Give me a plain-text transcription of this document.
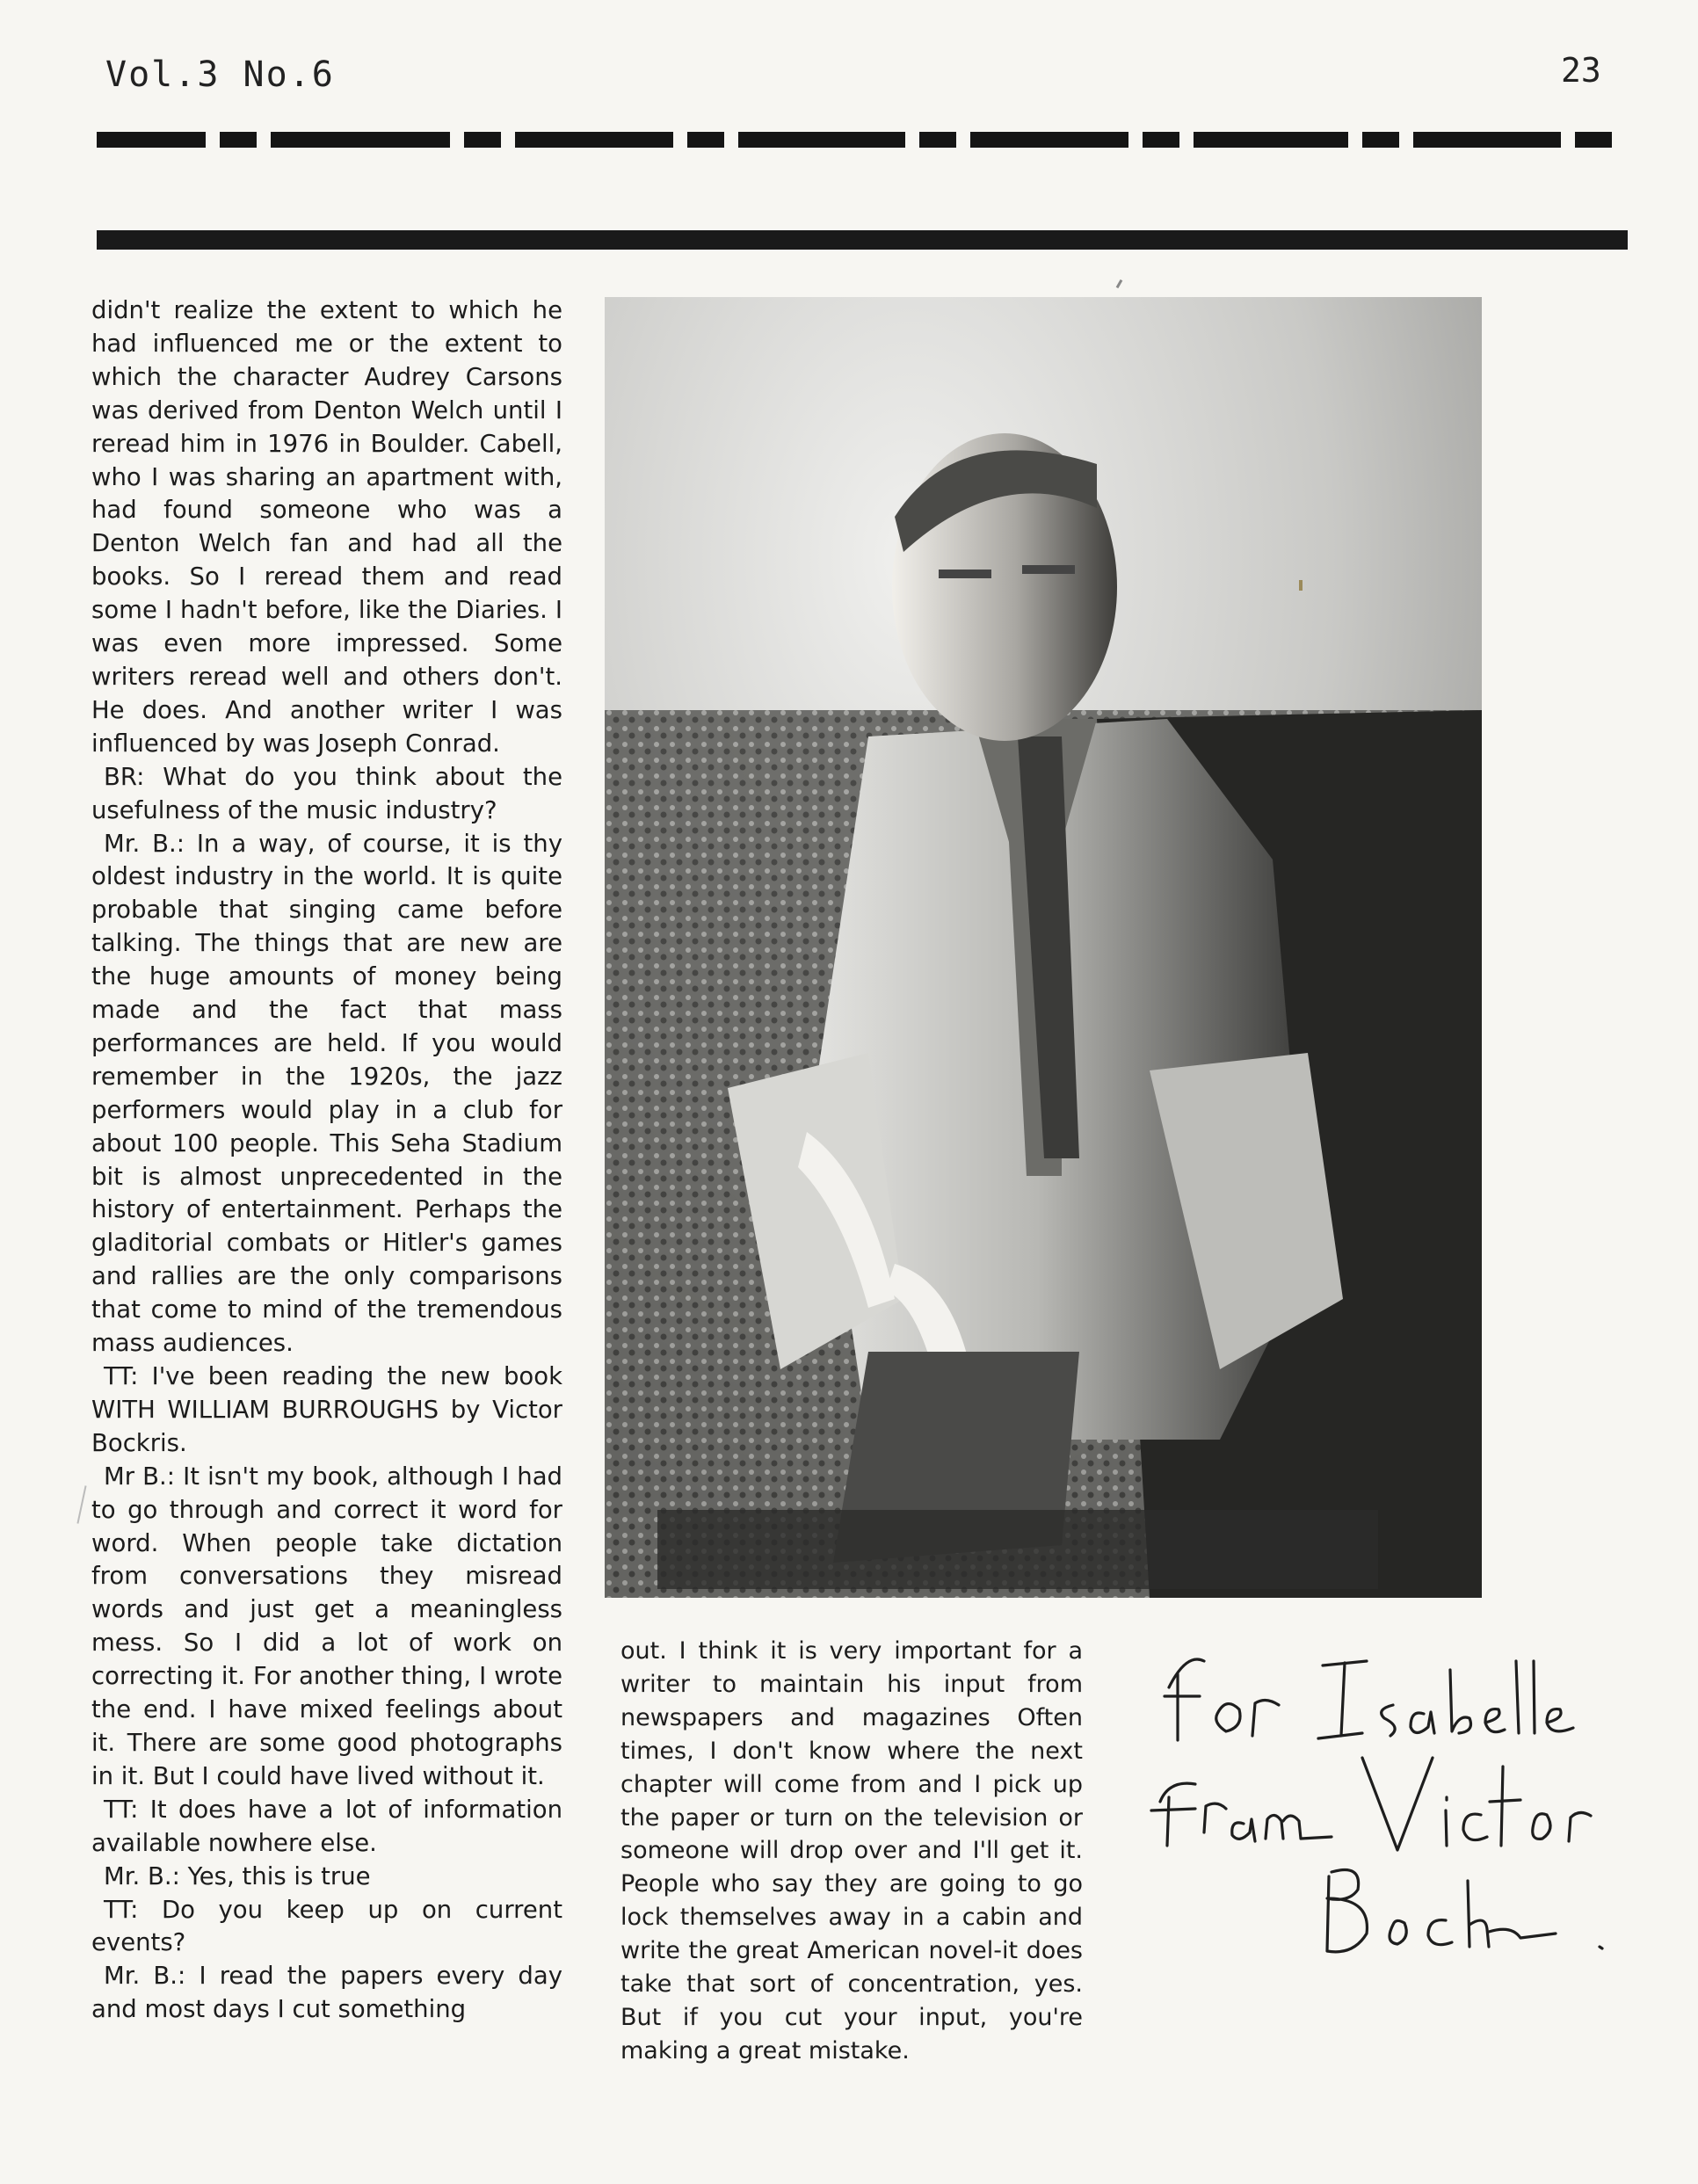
Vol.3 No.6	23

didn't realize the extent to which he had influenced me or the extent to which the character Audrey Carsons was derived from Denton Welch until I reread him in 1976 in Boulder. Cabell, who I was sharing an apartment with, had found someone who was a Denton Welch fan and had all the books. So I reread them and read some I hadn't before, like the Diaries. I was even more impressed. Some writers reread well and others don't. He does. And another writer I was influenced by was Joseph Conrad.

BR: What do you think about the usefulness of the music industry?

Mr. B.: In a way, of course, it is thy oldest industry in the world. It is quite probable that singing came before talking. The things that are new are the huge amounts of money being made and the fact that mass performances are held. If you would remember in the 1920s, the jazz performers would play in a club for about 100 people. This Seha Stadium bit is almost unprecedented in the history of entertainment. Perhaps the gladitorial combats or Hitler's games and rallies are the only comparisons that come to mind of the tremendous mass audiences.

TT: I've been reading the new book WITH WILLIAM BURROUGHS by Victor Bockris.

Mr B.: It isn't my book, although I had to go through and correct it word for word. When people take dictation from conversations they misread words and just get a meaningless mess. So I did a lot of work on correcting it. For another thing, I wrote the end. I have mixed feelings about it. There are some good photographs in it. But I could have lived without it.

TT: It does have a lot of information available nowhere else.

Mr. B.: Yes, this is true

TT: Do you keep up on current events?

Mr. B.: I read the papers every day and most days I cut something

out. I think it is very important for a writer to maintain his input from newspapers and magazines Often times, I don't know where the next chapter will come from and I pick up the paper or turn on the television or someone will drop over and I'll get it. People who say they are going to go lock themselves away in a cabin and write the great American novel-it does take that sort of concentration, yes. But if you cut your input, you're making a great mistake.
